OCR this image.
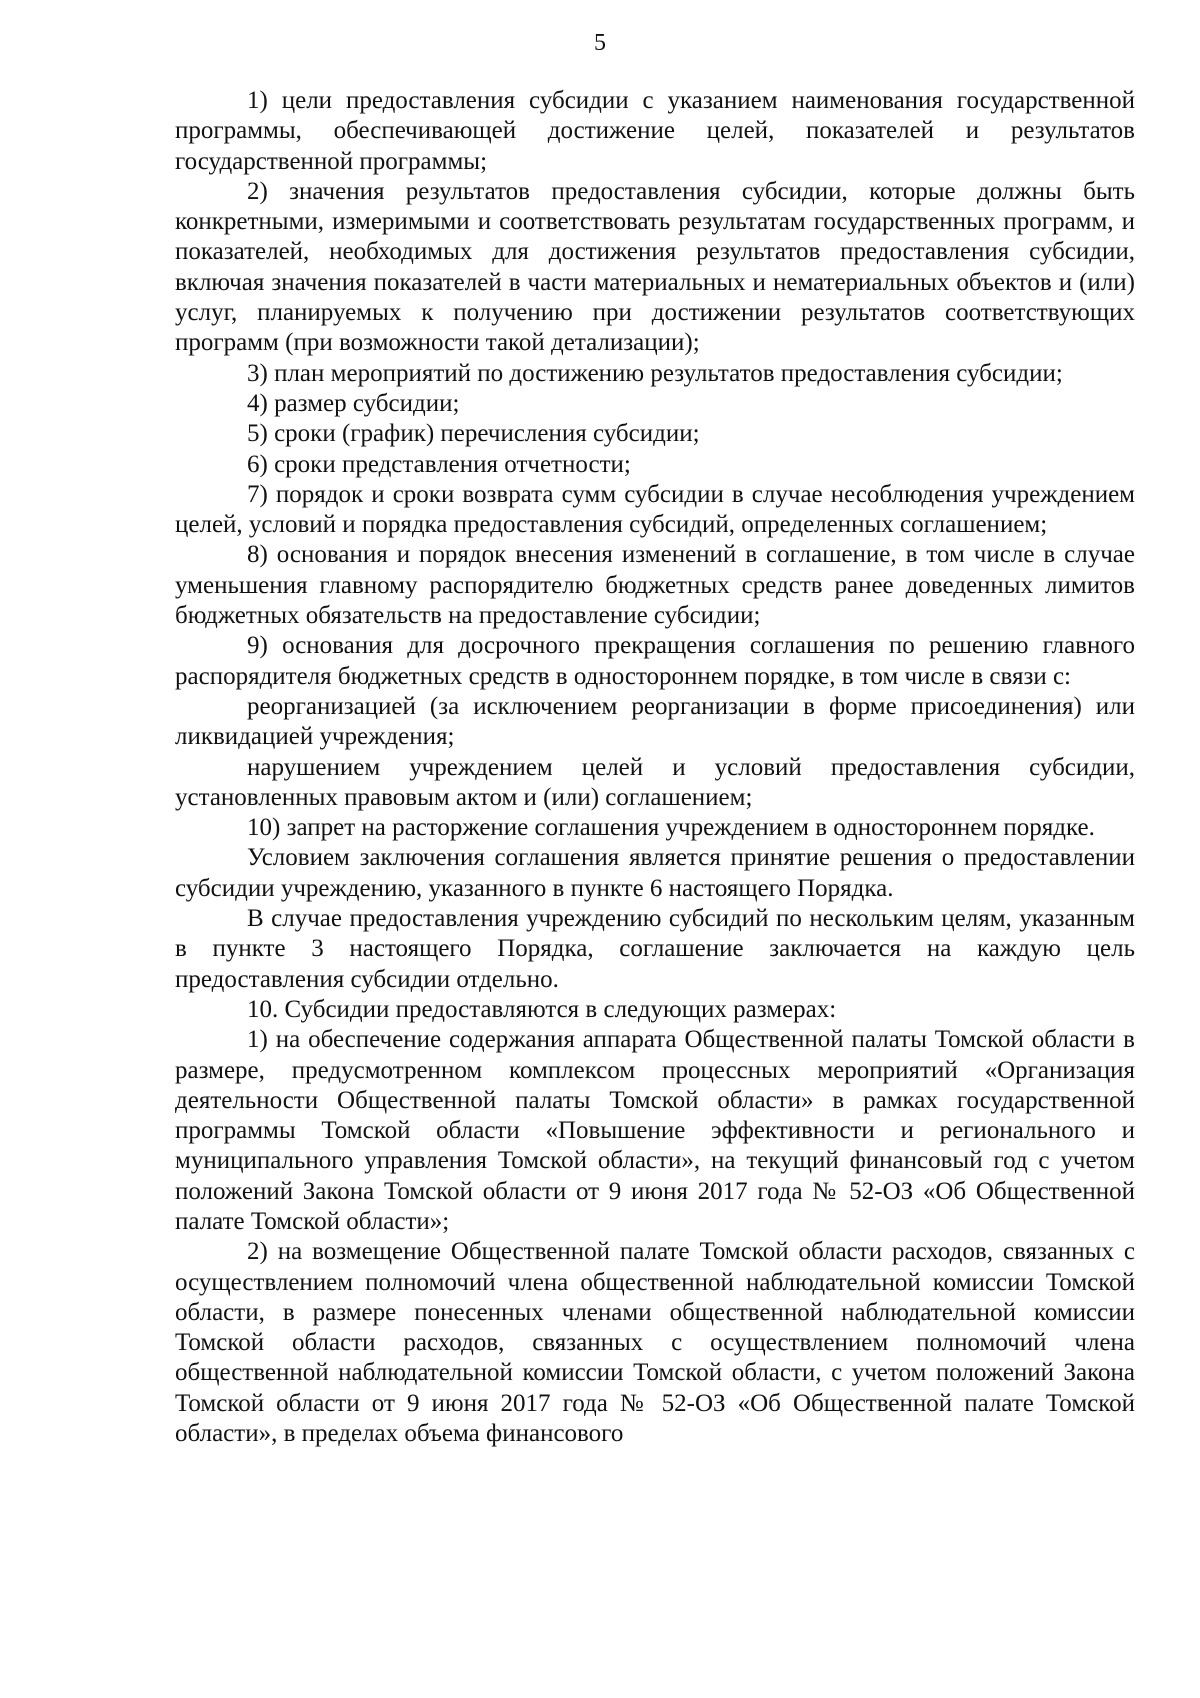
5

1) цели предоставления субсидии с указанием наименования государственной программы, обеспечивающей достижение целей, показателей и результатов государственной программы;

2) значения результатов предоставления субсидии, которые должны быть конкретными, измеримыми и соответствовать результатам государственных программ, и показателей, необходимых для достижения результатов предоставления субсидии, включая значения показателей в части материальных и нематериальных объектов и (или) услуг, планируемых к получению при достижении результатов соответствующих программ (при возможности такой детализации);

3) план мероприятий по достижению результатов предоставления субсидии;

4) размер субсидии;

5) сроки (график) перечисления субсидии;

6) сроки представления отчетности;

7) порядок и сроки возврата сумм субсидии в случае несоблюдения учреждением целей, условий и порядка предоставления субсидий, определенных соглашением;

8) основания и порядок внесения изменений в соглашение, в том числе в случае уменьшения главному распорядителю бюджетных средств ранее доведенных лимитов бюджетных обязательств на предоставление субсидии;

9) основания для досрочного прекращения соглашения по решению главного распорядителя бюджетных средств в одностороннем порядке, в том числе в связи с:

реорганизацией (за исключением реорганизации в форме присоединения) или ликвидацией учреждения;

нарушением учреждением целей и условий предоставления субсидии, установленных правовым актом и (или) соглашением;

10) запрет на расторжение соглашения учреждением в одностороннем порядке.

Условием заключения соглашения является принятие решения о предоставлении субсидии учреждению, указанного в пункте 6 настоящего Порядка.

В случае предоставления учреждению субсидий по нескольким целям, указанным в пункте 3 настоящего Порядка, соглашение заключается на каждую цель предоставления субсидии отдельно.

10. Субсидии предоставляются в следующих размерах:

1) на обеспечение содержания аппарата Общественной палаты Томской области в размере, предусмотренном комплексом процессных мероприятий «Организация деятельности Общественной палаты Томской области» в рамках государственной программы Томской области «Повышение эффективности и регионального и муниципального управления Томской области», на текущий финансовый год с учетом положений Закона Томской области от 9 июня 2017 года № 52-ОЗ «Об Общественной палате Томской области»;

2) на возмещение Общественной палате Томской области расходов, связанных с осуществлением полномочий члена общественной наблюдательной комиссии Томской области, в размере понесенных членами общественной наблюдательной комиссии Томской области расходов, связанных с осуществлением полномочий члена общественной наблюдательной комиссии Томской области, с учетом положений Закона Томской области от 9 июня 2017 года № 52-ОЗ «Об Общественной палате Томской области», в пределах объема финансового
